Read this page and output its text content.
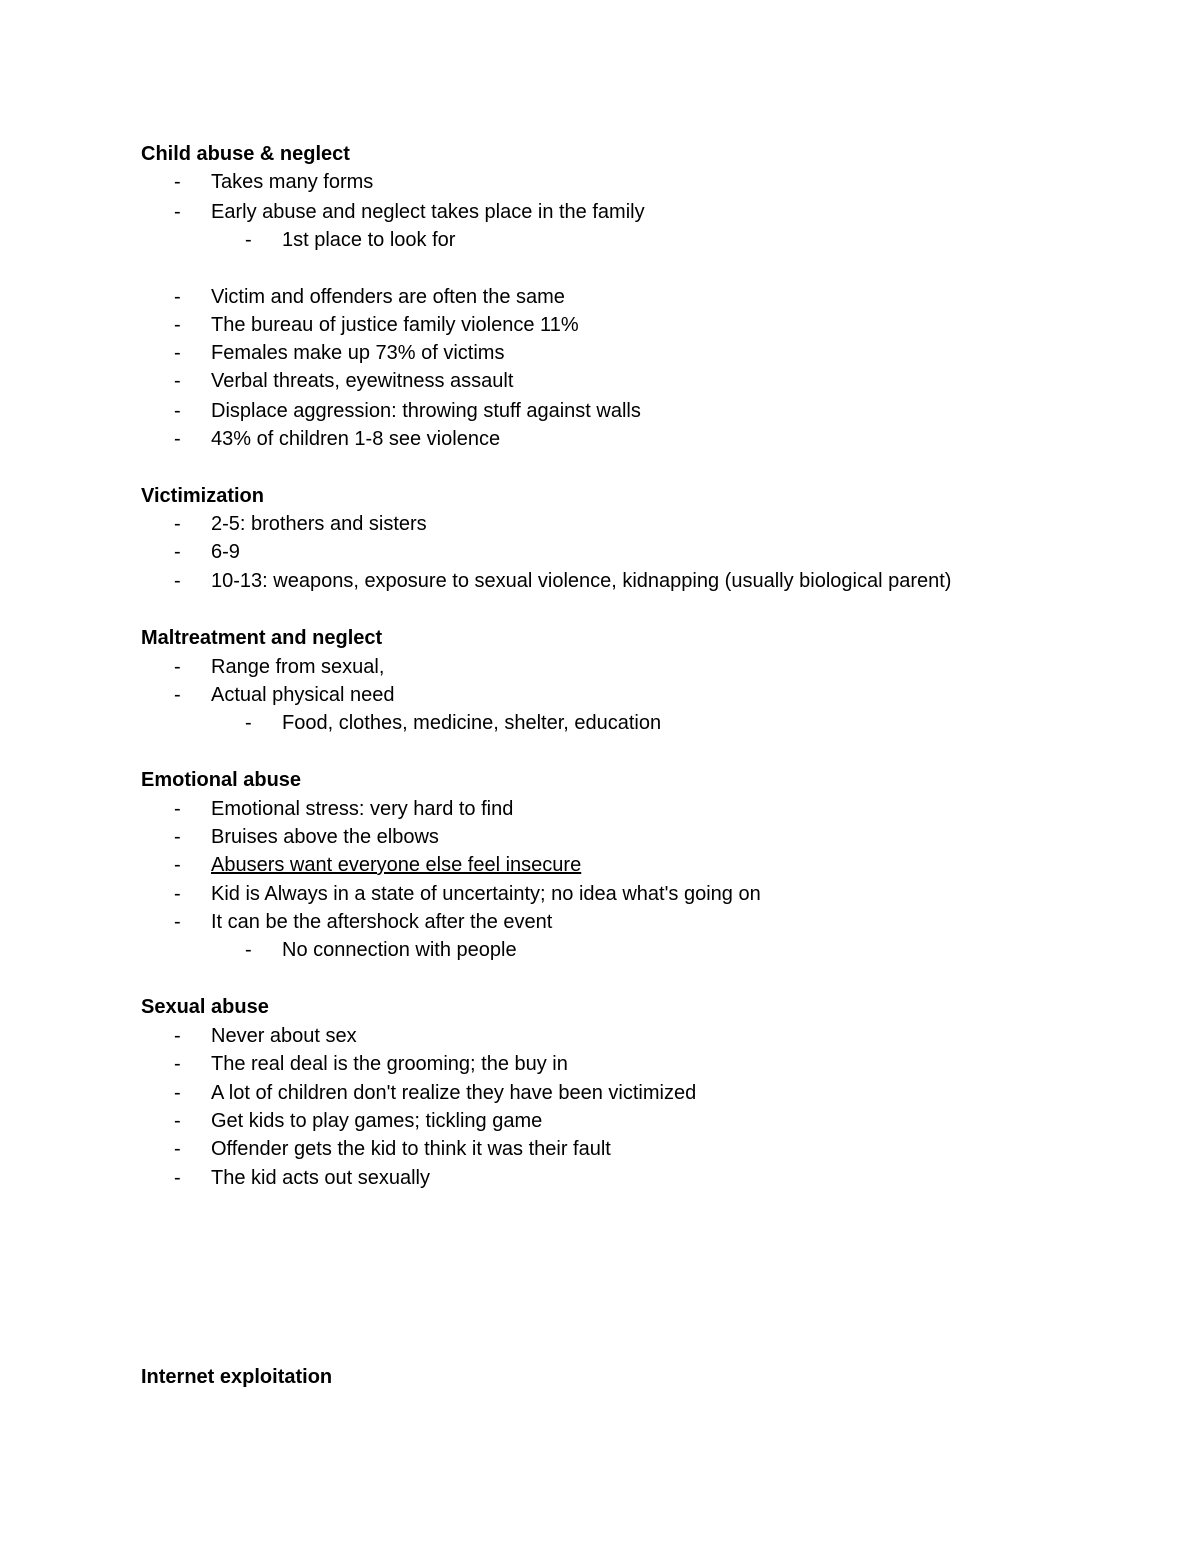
Child abuse & neglect
- Takes many forms
- Early abuse and neglect takes place in the family
- 1st place to look for
- Victim and offenders are often the same
- The bureau of justice family violence 11%
- Females make up 73% of victims
- Verbal threats, eyewitness assault
- Displace aggression: throwing stuff against walls
- 43% of children 1-8 see violence
Victimization
- 2-5: brothers and sisters
- 6-9
- 10-13: weapons, exposure to sexual violence, kidnapping (usually biological parent)
Maltreatment and neglect
- Range from sexual,
- Actual physical need
- Food, clothes, medicine, shelter, education
Emotional abuse
- Emotional stress: very hard to find
- Bruises above the elbows
- Abusers want everyone else feel insecure
- Kid is Always in a state of uncertainty; no idea what's going on
- It can be the aftershock after the event
- No connection with people
Sexual abuse
- Never about sex
- The real deal is the grooming; the buy in
- A lot of children don't realize they have been victimized
- Get kids to play games; tickling game
- Offender gets the kid to think it was their fault
- The kid acts out sexually
Internet exploitation
